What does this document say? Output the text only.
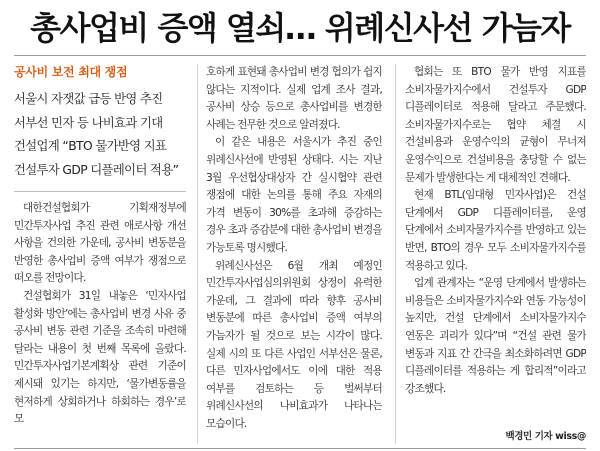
총사업비 증액 열쇠… 위례신사선 가늠자
공사비 보전 최대 쟁점

서울시 자잿값 급등 반영 추진

서부선 민자 등 나비효과 기대

건설업계 “BTO 물가반영 지표

건설투자 GDP 디플레이터 적용”

대한건설협회가 기획재정부에 민간투자사업 추진 관련 애로사항 개선 사항을 건의한 가운데, 공사비 변동분을 반영한 총사업비 증액 여부가 쟁점으로 떠오를 전망이다.

건설협회가 31일 내놓은 ‘민자사업 활성화 방안’에는 총사업비 변경 사유 중 공사비 변동 관련 기준을 조속히 마련해 달라는 내용이 첫 번째 목록에 올랐다. 민간투자사업기본계획상 관련 기준이 제시돼 있기는 하지만, ‘물가변동률을 현저하게 상회하거나 하회하는 경우’로 모

호하게 표현돼 총사업비 변경 협의가 쉽지 않다는 지적이다. 실제 업계 조사 결과, 공사비 상승 등으로 총사업비를 변경한 사례는 전무한 것으로 알려졌다.

이 같은 내용은 서울시가 추진 중인 위례신사선에 반영된 상태다. 시는 지난 3월 우선협상대상자 간 실시협약 관련 쟁점에 대한 논의를 통해 주요 자재의 가격 변동이 30%를 초과해 증감하는 경우 초과 증감분에 대한 총사업비 변경을 가능토록 명시했다.

위례신사선은 6월 개최 예정인 민간투자사업심의위원회 상정이 유력한 가운데, 그 결과에 따라 향후 공사비 변동분에 따른 총사업비 증액 여부의 가늠자가 될 것으로 보는 시각이 많다. 실제 시의 또 다른 사업인 서부선은 물론, 다른 민자사업에서도 이에 대한 적용 여부를 검토하는 등 벌써부터 위례신사선의 나비효과가 나타나는 모습이다.

협회는 또 BTO 물가 반영 지표를 소비자물가지수에서 건설투자 GDP 디플레이터로 적용해 달라고 주문했다. 소비자물가지수로는 협약 체결 시 건설비용과 운영수익의 균형이 무너져 운영수익으로 건설비용을 충당할 수 없는 문제가 발생한다는 게 대체적인 견해다.

현재 BTL(임대형 민자사업)은 건설 단계에서 GDP 디플레이터를, 운영 단계에서 소비자물가지수를 반영하고 있는 반면, BTO의 경우 모두 소비자물가지수를 적용하고 있다.

업계 관계자는 “운영 단계에서 발생하는 비용들은 소비자물가지수와 연동 가능성이 높지만, 건설 단계에서 소비자물가지수 연동은 괴리가 있다”며 “건설 관련 물가 변동과 지표 간 간극을 최소화하려면 GDP 디플레이터를 적용하는 게 합리적”이라고 강조했다.

백경민 기자 wiss@
